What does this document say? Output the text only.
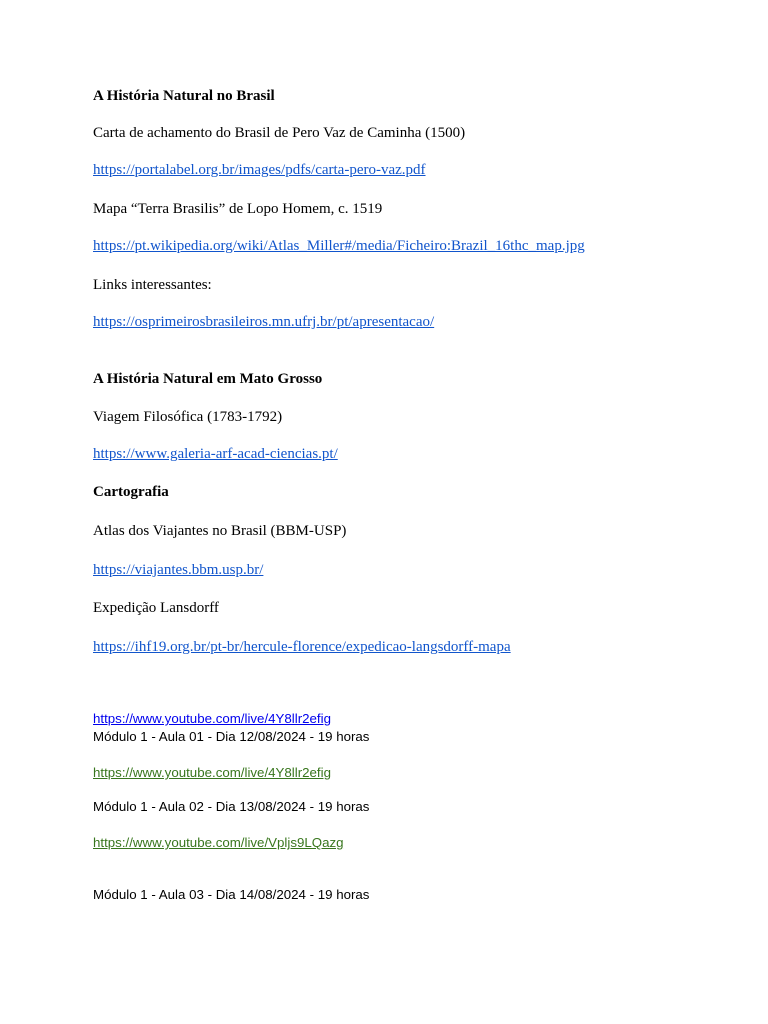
A História Natural no Brasil
Carta de achamento do Brasil de Pero Vaz de Caminha (1500)
https://portalabel.org.br/images/pdfs/carta-pero-vaz.pdf
Mapa “Terra Brasilis” de Lopo Homem, c. 1519
https://pt.wikipedia.org/wiki/Atlas_Miller#/media/Ficheiro:Brazil_16thc_map.jpg
Links interessantes:
https://osprimeirosbrasileiros.mn.ufrj.br/pt/apresentacao/
A História Natural em Mato Grosso
Viagem Filosófica (1783-1792)
https://www.galeria-arf-acad-ciencias.pt/
Cartografia
Atlas dos Viajantes no Brasil (BBM-USP)
https://viajantes.bbm.usp.br/
Expedição Lansdorff
https://ihf19.org.br/pt-br/hercule-florence/expedicao-langsdorff-mapa
https://www.youtube.com/live/4Y8llr2efig
Módulo 1 - Aula 01 - Dia 12/08/2024 - 19 horas
https://www.youtube.com/live/4Y8llr2efig
Módulo 1 - Aula 02 - Dia 13/08/2024 - 19 horas
https://www.youtube.com/live/Vpljs9LQazg
Módulo 1 - Aula 03 - Dia 14/08/2024 - 19 horas
